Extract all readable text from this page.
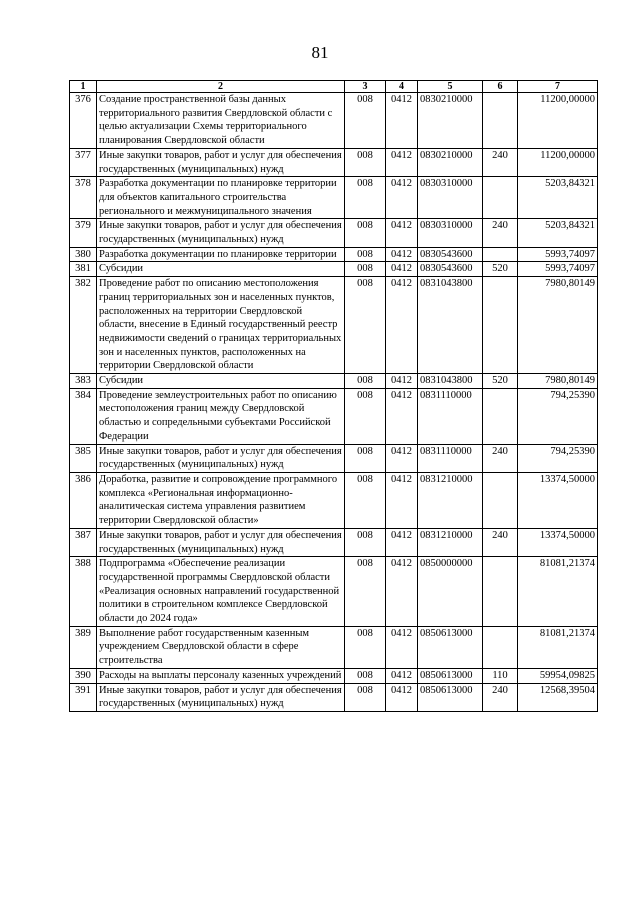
81
1	2	3	4	5	6	7
376	Создание пространственной базы данных территориального развития Свердловской области с целью актуализации Схемы территориального планирования Свердловской области	008	0412	0830210000		11200,00000
377	Иные закупки товаров, работ и услуг для обеспечения государственных (муниципальных) нужд	008	0412	0830210000	240	11200,00000
378	Разработка документации по планировке территории для объектов капитального строительства регионального и межмуниципального значения	008	0412	0830310000		5203,84321
379	Иные закупки товаров, работ и услуг для обеспечения государственных (муниципальных) нужд	008	0412	0830310000	240	5203,84321
380	Разработка документации по планировке территории	008	0412	0830543600		5993,74097
381	Субсидии	008	0412	0830543600	520	5993,74097
382	Проведение работ по описанию местоположения границ территориальных зон и населенных пунктов, расположенных на территории Свердловской области, внесение в Единый государственный реестр недвижимости сведений о границах территориальных зон и населенных пунктов, расположенных на территории Свердловской области	008	0412	0831043800		7980,80149
383	Субсидии	008	0412	0831043800	520	7980,80149
384	Проведение землеустроительных работ по описанию местоположения границ между Свердловской областью и сопредельными субъектами Российской Федерации	008	0412	0831110000		794,25390
385	Иные закупки товаров, работ и услуг для обеспечения государственных (муниципальных) нужд	008	0412	0831110000	240	794,25390
386	Доработка, развитие и сопровождение программного комплекса «Региональная информационно-аналитическая система управления развитием территории Свердловской области»	008	0412	0831210000		13374,50000
387	Иные закупки товаров, работ и услуг для обеспечения государственных (муниципальных) нужд	008	0412	0831210000	240	13374,50000
388	Подпрограмма «Обеспечение реализации государственной программы Свердловской области «Реализация основных направлений государственной политики в строительном комплексе Свердловской области до 2024 года»	008	0412	0850000000		81081,21374
389	Выполнение работ государственным казенным учреждением Свердловской области в сфере строительства	008	0412	0850613000		81081,21374
390	Расходы на выплаты персоналу казенных учреждений	008	0412	0850613000	110	59954,09825
391	Иные закупки товаров, работ и услуг для обеспечения государственных (муниципальных) нужд	008	0412	0850613000	240	12568,39504
